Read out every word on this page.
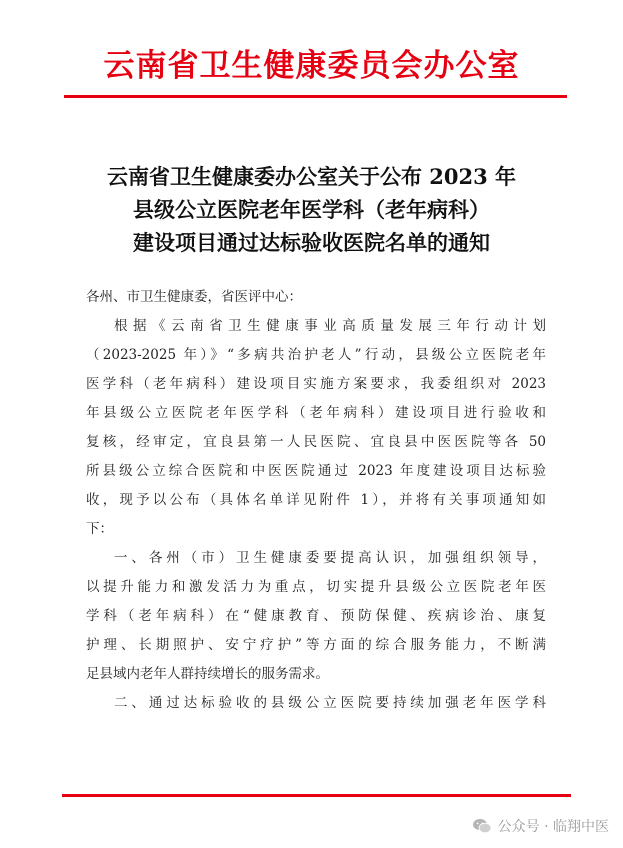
云南省卫生健康委员会办公室
云南省卫生健康委办公室关于公布 2023 年
县级公立医院老年医学科（老年病科）
建设项目通过达标验收医院名单的通知
各州、市卫生健康委，省医评中心：
根据《云南省卫生健康事业高质量发展三年行动计划
（2023-2025 年）》“多病共治护老人”行动，县级公立医院老年
医学科（老年病科）建设项目实施方案要求，我委组织对 2023
年县级公立医院老年医学科（老年病科）建设项目进行验收和
复核，经审定，宜良县第一人民医院、宜良县中医医院等各 50
所县级公立综合医院和中医医院通过 2023 年度建设项目达标验
收，现予以公布（具体名单详见附件 1），并将有关事项通知如
下：
一、各州（市）卫生健康委要提高认识，加强组织领导，
以提升能力和激发活力为重点，切实提升县级公立医院老年医
学科（老年病科）在“健康教育、预防保健、疾病诊治、康复
护理、长期照护、安宁疗护”等方面的综合服务能力，不断满
足县域内老年人群持续增长的服务需求。
二、通过达标验收的县级公立医院要持续加强老年医学科
公众号 · 临翔中医
